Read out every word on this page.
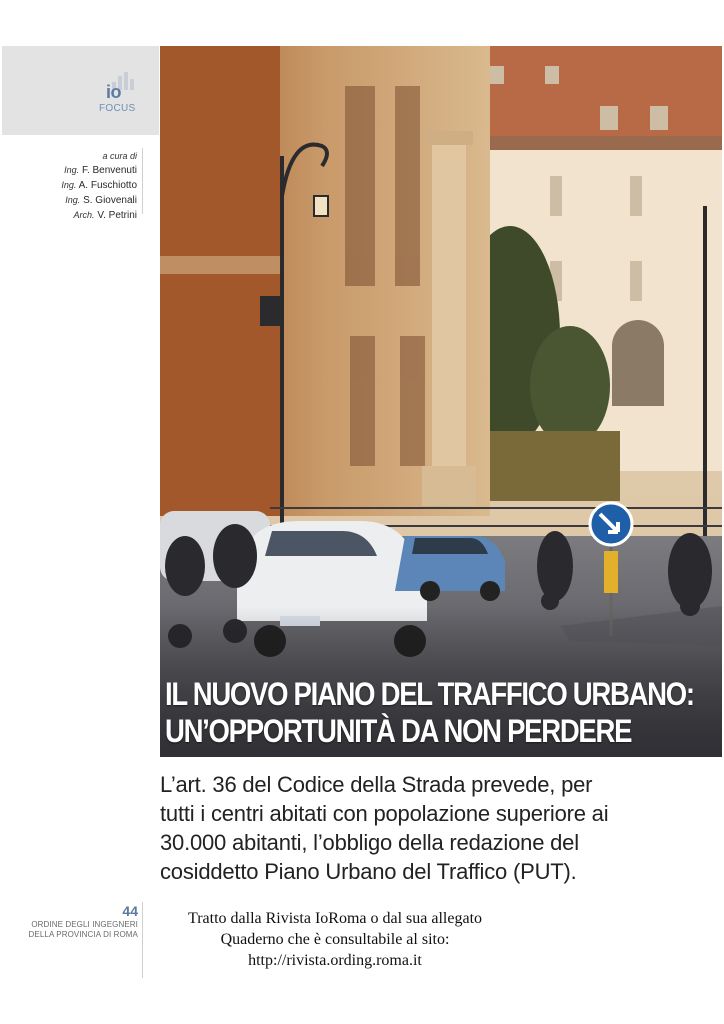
io
FOCUS
a cura di
Ing. F. Benvenuti
Ing. A. Fuschiotto
Ing. S. Giovenali
Arch. V. Petrini
IL NUOVO PIANO DEL TRAFFICO URBANO:
UN’OPPORTUNITÀ DA NON PERDERE
L’art. 36 del Codice della Strada prevede, per
tutti i centri abitati con popolazione superiore ai
30.000 abitanti, l’obbligo della redazione del
cosiddetto Piano Urbano del Traffico (PUT).
44
ORDINE DEGLI INGEGNERI
DELLA PROVINCIA DI ROMA
Tratto dalla Rivista IoRoma o dal sua allegato
Quaderno che è consultabile al sito:
http://rivista.ording.roma.it
